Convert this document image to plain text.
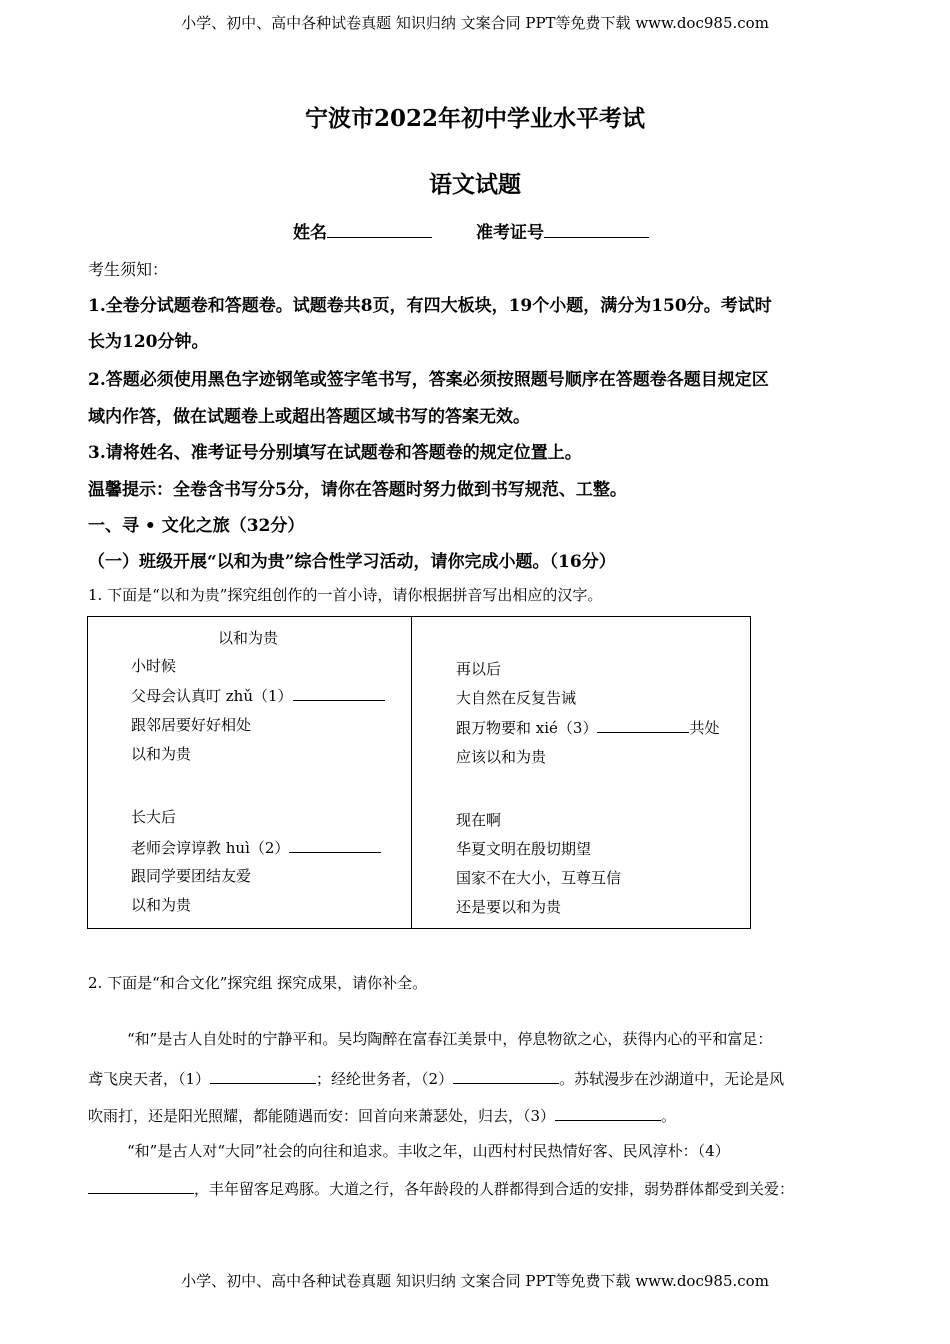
小学、初中、高中各种试卷真题 知识归纳 文案合同 PPT等免费下载 www.doc985.com
宁波市2022年初中学业水平考试
语文试题
姓名	准考证号
考生须知：
1.全卷分试题卷和答题卷。试题卷共8页，有四大板块，19个小题，满分为150分。考试时
长为120分钟。
2.答题必须使用黑色字迹钢笔或签字笔书写，答案必须按照题号顺序在答题卷各题目规定区
域内作答，做在试题卷上或超出答题区域书写的答案无效。
3.请将姓名、准考证号分别填写在试题卷和答题卷的规定位置上。
温馨提示：全卷含书写分5分，请你在答题时努力做到书写规范、工整。
一、寻 • 文化之旅（32分）
（一）班级开展“以和为贵”综合性学习活动，请你完成小题。（16分）
1. 下面是“以和为贵”探究组创作的一首小诗，请你根据拼音写出相应的汉字。
以和为贵
小时候
父母会认真叮 zhǔ（1）
跟邻居要好好相处
以和为贵
长大后
老师会谆谆教 huì（2）
跟同学要团结友爱
以和为贵
再以后
大自然在反复告诫
跟万物要和 xié（3）	共处
应该以和为贵
现在啊
华夏文明在殷切期望
国家不在大小，互尊互信
还是要以和为贵
2. 下面是“和合文化”探究组 探究成果，请你补全。
“和”是古人自处时的宁静平和。吴均陶醉在富春江美景中，停息物欲之心，获得内心的平和富足：
鸢飞戾天者，（1）	；经纶世务者，（2）	。苏轼漫步在沙湖道中，无论是风
吹雨打，还是阳光照耀，都能随遇而安：回首向来萧瑟处，归去，（3）	。
“和”是古人对“大同”社会的向往和追求。丰收之年，山西村村民热情好客、民风淳朴：（4）
，丰年留客足鸡豚。大道之行，各年龄段的人群都得到合适的安排，弱势群体都受到关爱：
小学、初中、高中各种试卷真题 知识归纳 文案合同 PPT等免费下载 www.doc985.com
